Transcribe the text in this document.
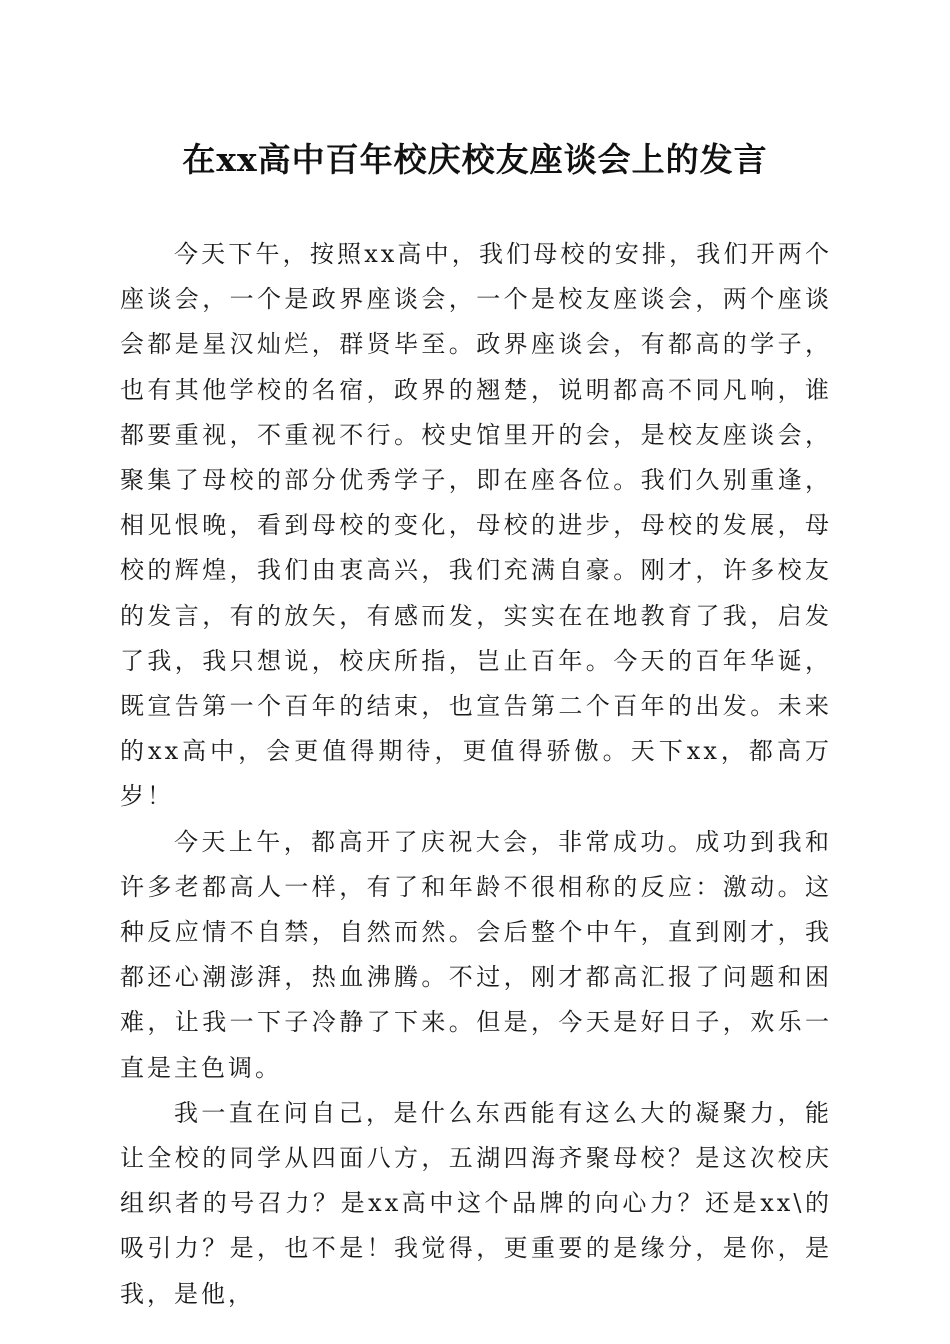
在xx高中百年校庆校友座谈会上的发言

今天下午，按照xx高中，我们母校的安排，我们开两个座谈会，一个是政界座谈会，一个是校友座谈会，两个座谈会都是星汉灿烂，群贤毕至。政界座谈会，有都高的学子，也有其他学校的名宿，政界的翘楚，说明都高不同凡响，谁都要重视，不重视不行。校史馆里开的会，是校友座谈会，聚集了母校的部分优秀学子，即在座各位。我们久别重逢，相见恨晚，看到母校的变化，母校的进步，母校的发展，母校的辉煌，我们由衷高兴，我们充满自豪。刚才，许多校友的发言，有的放矢，有感而发，实实在在地教育了我，启发了我，我只想说，校庆所指，岂止百年。今天的百年华诞，既宣告第一个百年的结束，也宣告第二个百年的出发。未来的xx高中，会更值得期待，更值得骄傲。天下xx，都高万岁！

今天上午，都高开了庆祝大会，非常成功。成功到我和许多老都高人一样，有了和年龄不很相称的反应：激动。这种反应情不自禁，自然而然。会后整个中午，直到刚才，我都还心潮澎湃，热血沸腾。不过，刚才都高汇报了问题和困难，让我一下子冷静了下来。但是，今天是好日子，欢乐一直是主色调。

我一直在问自己，是什么东西能有这么大的凝聚力，能让全校的同学从四面八方，五湖四海齐聚母校？是这次校庆组织者的号召力？是xx高中这个品牌的向心力？还是xx\的吸引力？是，也不是！我觉得，更重要的是缘分，是你，是我，是他，
